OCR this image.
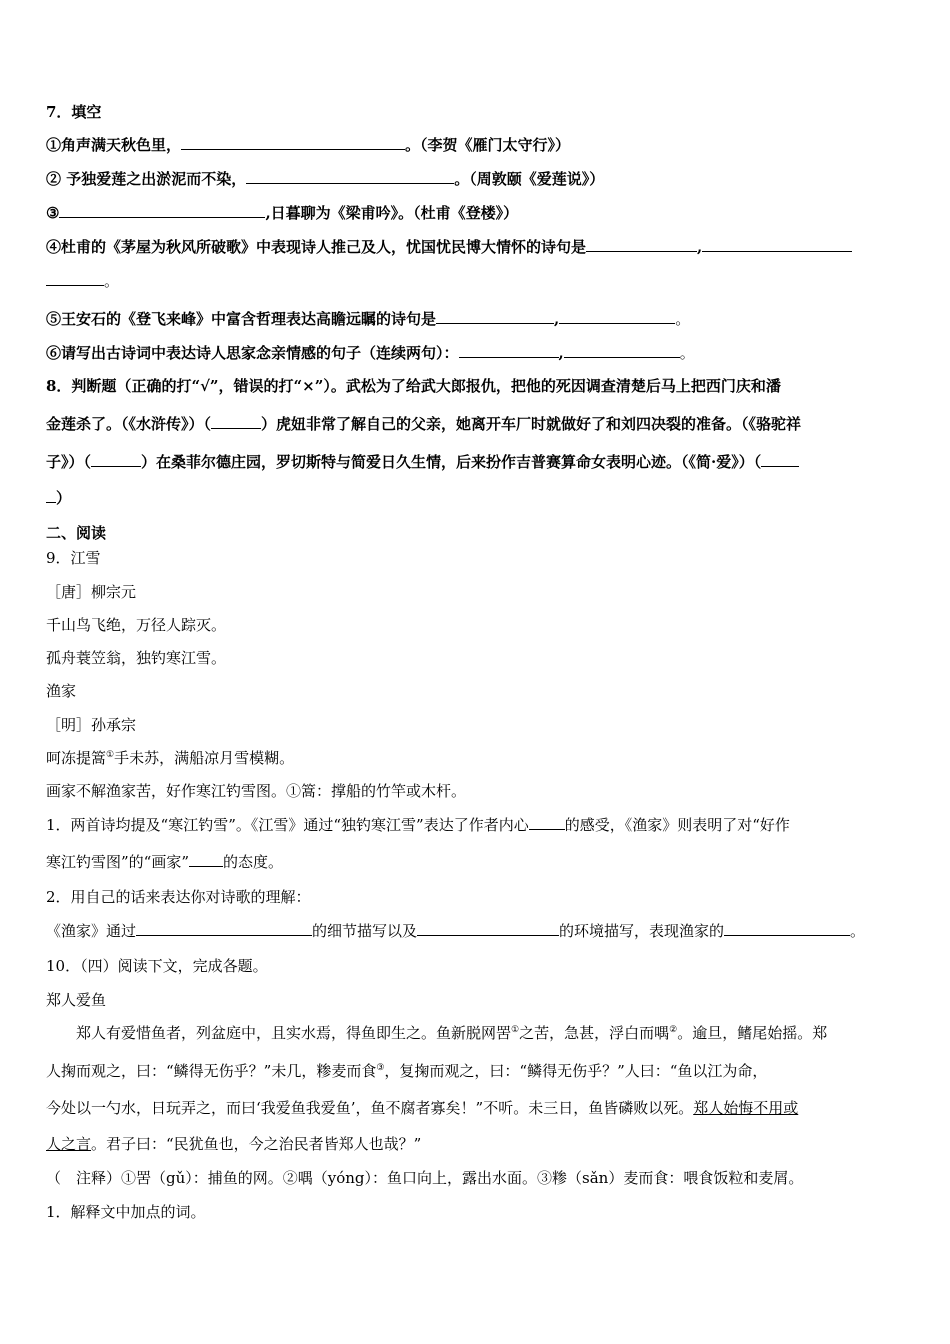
7．填空
①角声满天秋色里，	。（李贺《雁门太守行》）
② 予独爱莲之出淤泥而不染，	。（周敦颐《爱莲说》）
③	,日暮聊为《梁甫吟》。（杜甫《登楼》）
④杜甫的《茅屋为秋风所破歌》中表现诗人推己及人，忧国忧民博大情怀的诗句是	,
。
⑤王安石的《登飞来峰》中富含哲理表达高瞻远瞩的诗句是	,	。
⑥请写出古诗词中表达诗人思家念亲情感的句子（连续两句）：	,	。
8．判断题（正确的打“√”，错误的打“×”）。武松为了给武大郎报仇，把他的死因调查清楚后马上把西门庆和潘
金莲杀了。（《水浒传》）（	）虎妞非常了解自己的父亲，她离开车厂时就做好了和刘四决裂的准备。（《骆驼祥
子》）（	）在桑菲尔德庄园，罗切斯特与简爱日久生情，后来扮作吉普赛算命女表明心迹。（《简·爱》）（
）
二、阅读
9．江雪
［唐］柳宗元
千山鸟飞绝，万径人踪灭。
孤舟蓑笠翁，独钓寒江雪。
渔家
［明］孙承宗
呵冻提篙①手未苏，满船凉月雪模糊。
画家不解渔家苦，好作寒江钓雪图。①篙：撑船的竹竿或木杆。
1．两首诗均提及“寒江钓雪”。《江雪》通过“独钓寒江雪”表达了作者内心 的感受，《渔家》则表明了对“好作
寒江钓雪图”的“画家” 的态度。
2．用自己的话来表达你对诗歌的理解：
《渔家》通过	的细节描写以及	的环境描写，表现渔家的	。
10．（四）阅读下文，完成各题。
郑人爱鱼
　　郑人有爱惜鱼者，列盆庭中，且实水焉，得鱼即生之。鱼新脱网罟①之苦，急甚，浮白而喁②。逾旦，鳍尾始摇。郑
人掬而观之，曰：“鳞得无伤乎？”未几，糁麦而食③，复掬而观之，曰：“鳞得无伤乎？”人曰：“鱼以江为命，
今处以一勺水，日玩弄之，而曰‘我爱鱼我爱鱼’，鱼不腐者寡矣！”不听。未三日，鱼皆磷败以死。郑人始悔不用或
人之言。君子曰：“民犹鱼也，今之治民者皆郑人也哉？”
（　注释）①罟（gǔ）：捕鱼的网。②喁（yóng）：鱼口向上，露出水面。③糁（sǎn）麦而食：喂食饭粒和麦屑。
1．解释文中加点的词。
